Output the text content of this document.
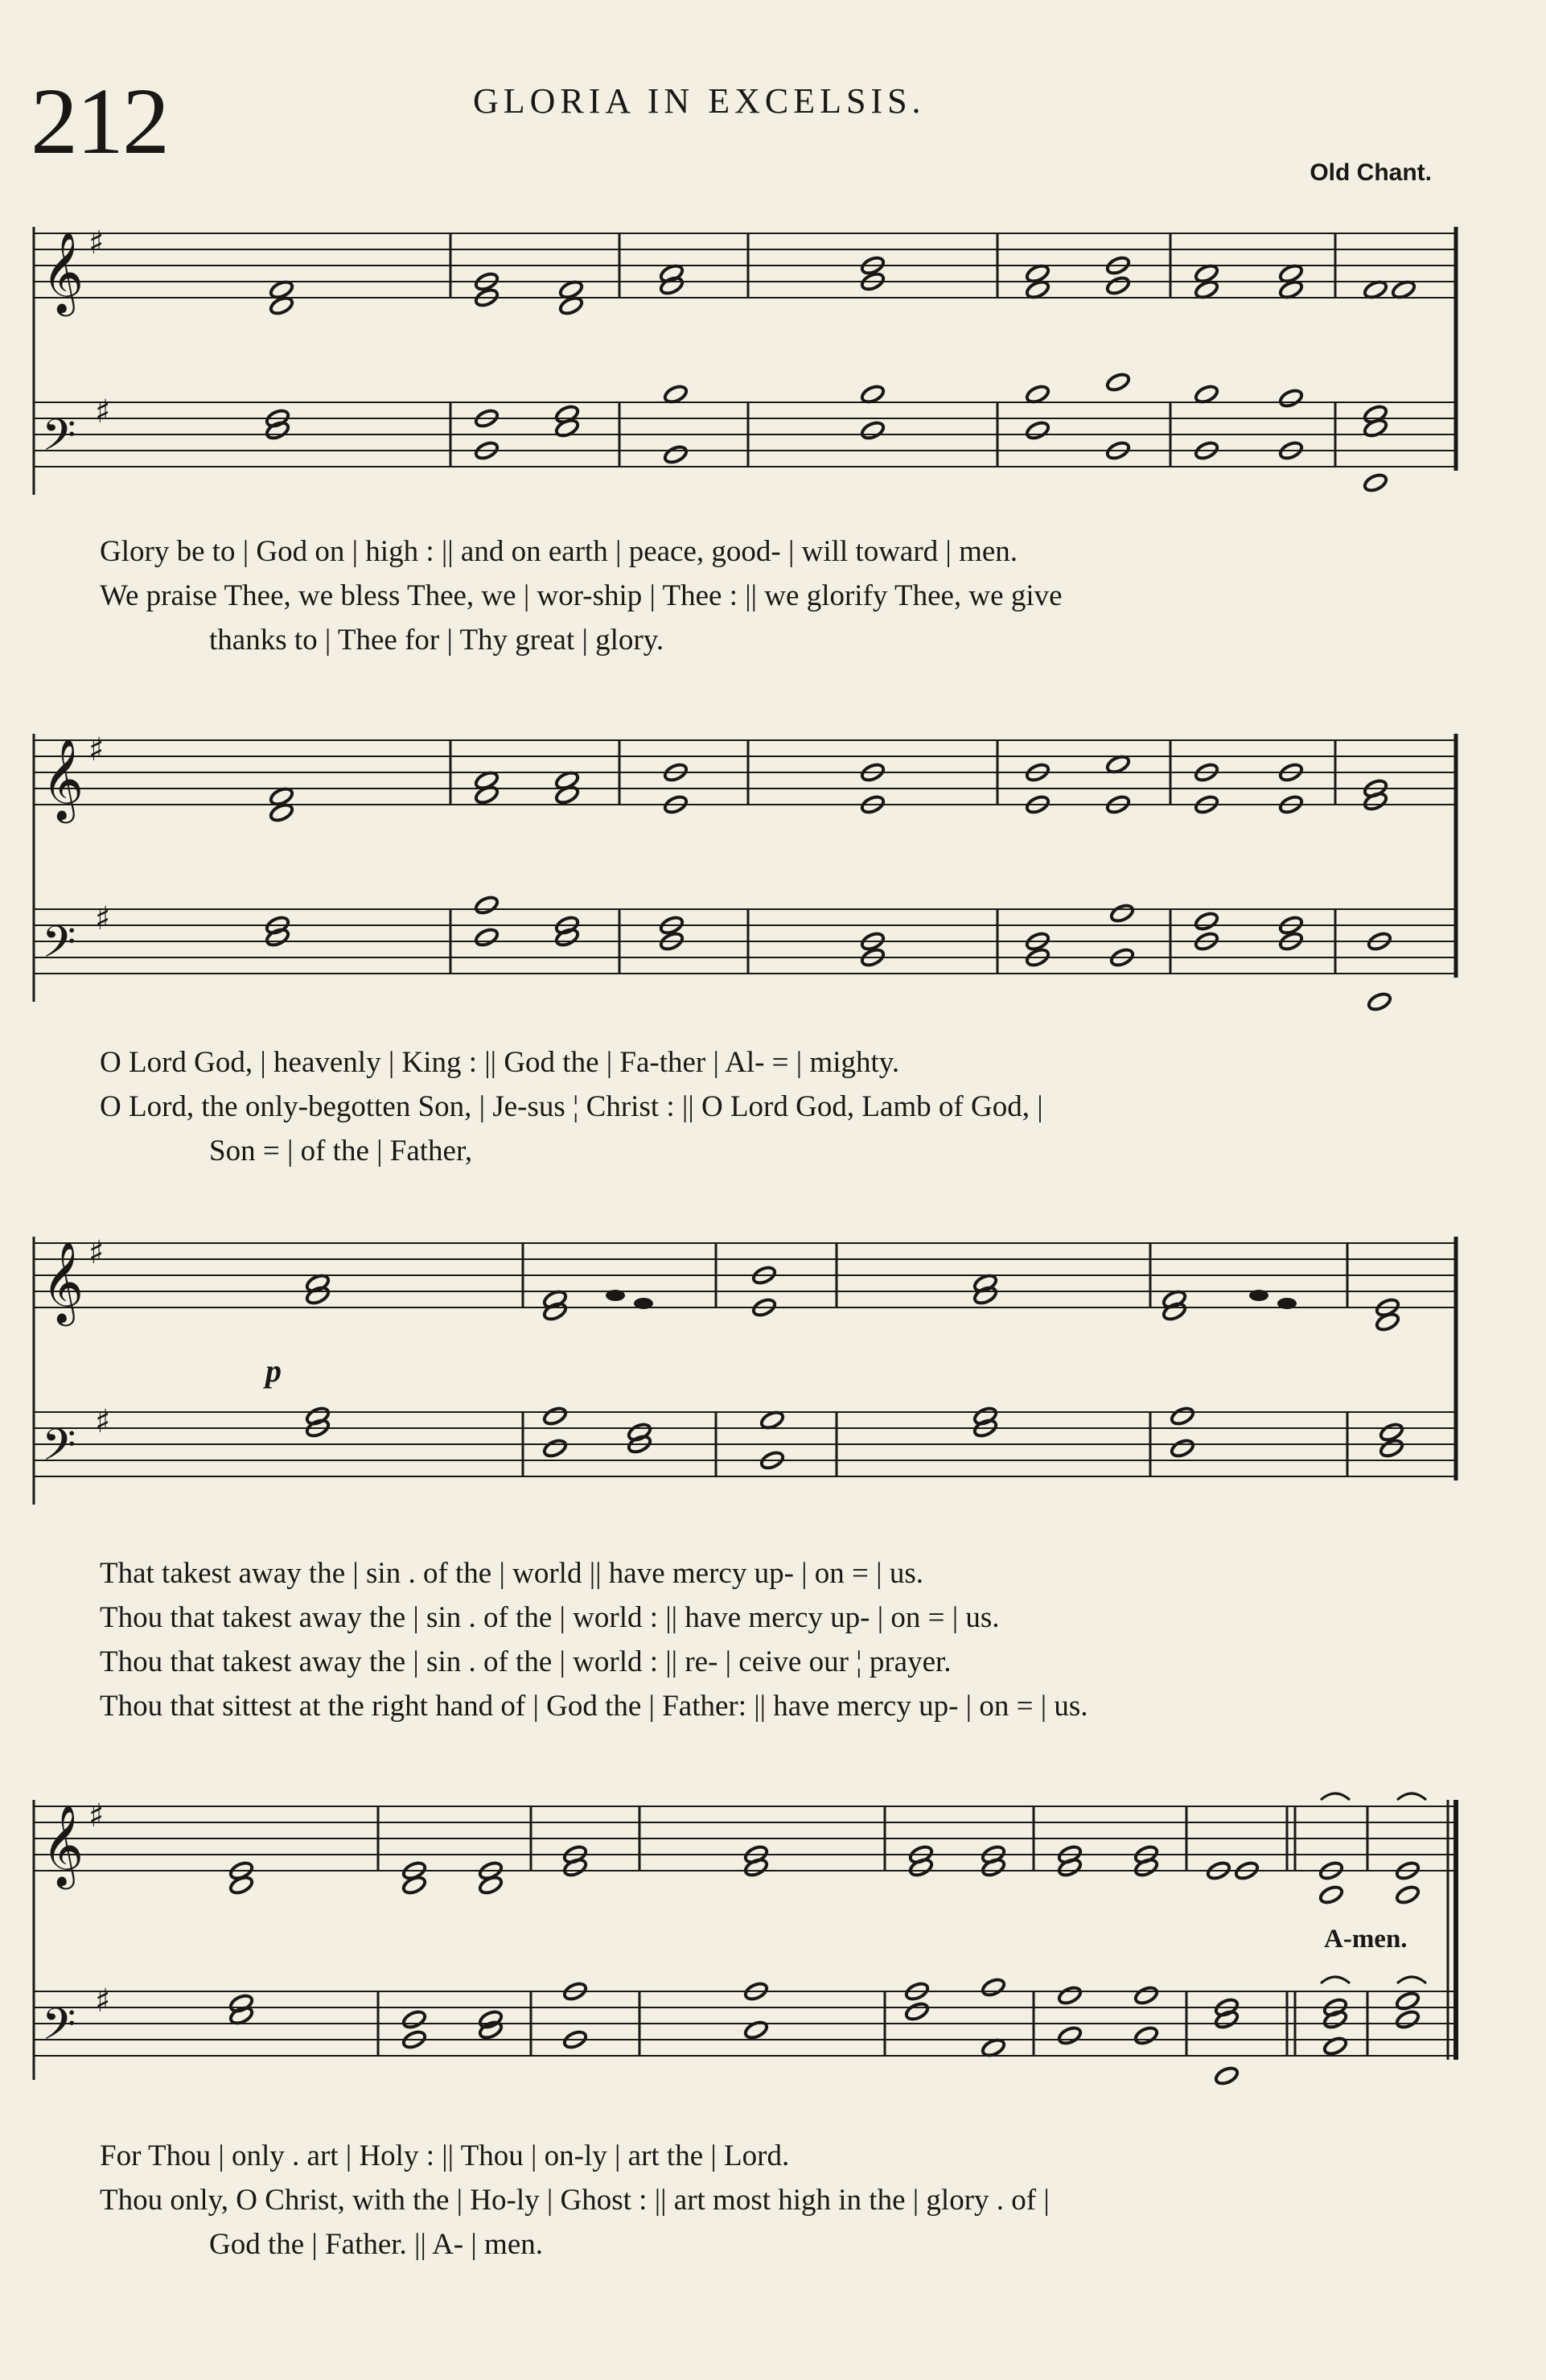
212	GLORIA IN EXCELSIS.
Old Chant.
𝄞
𝄢
♯
♯
Glory be to | God on | high : || and on earth | peace, good- | will toward | men.
We praise Thee, we bless Thee, we | wor-ship | Thee : || we glorify Thee, we give
thanks to | Thee for | Thy great | glory.
𝄞
𝄢
♯
♯
O Lord God, | heavenly | King : || God the | Fa-ther | Al- = | mighty.
O Lord, the only-begotten Son, | Je-sus ¦ Christ : || O Lord God, Lamb of God, |
Son = | of the | Father,
𝄞
𝄢
♯
♯
p
That takest away the | sin . of the | world || have mercy up- | on = | us.
Thou that takest away the | sin . of the | world : || have mercy up- | on = | us.
Thou that takest away the | sin . of the | world : || re- | ceive our ¦ prayer.
Thou that sittest at the right hand of | God the | Father: || have mercy up- | on = | us.
𝄞
𝄢
♯
♯
A-men.
For Thou | only . art | Holy : || Thou | on-ly | art the | Lord.
Thou only, O Christ, with the | Ho-ly | Ghost : || art most high in the | glory . of |
God the | Father. || A- | men.
